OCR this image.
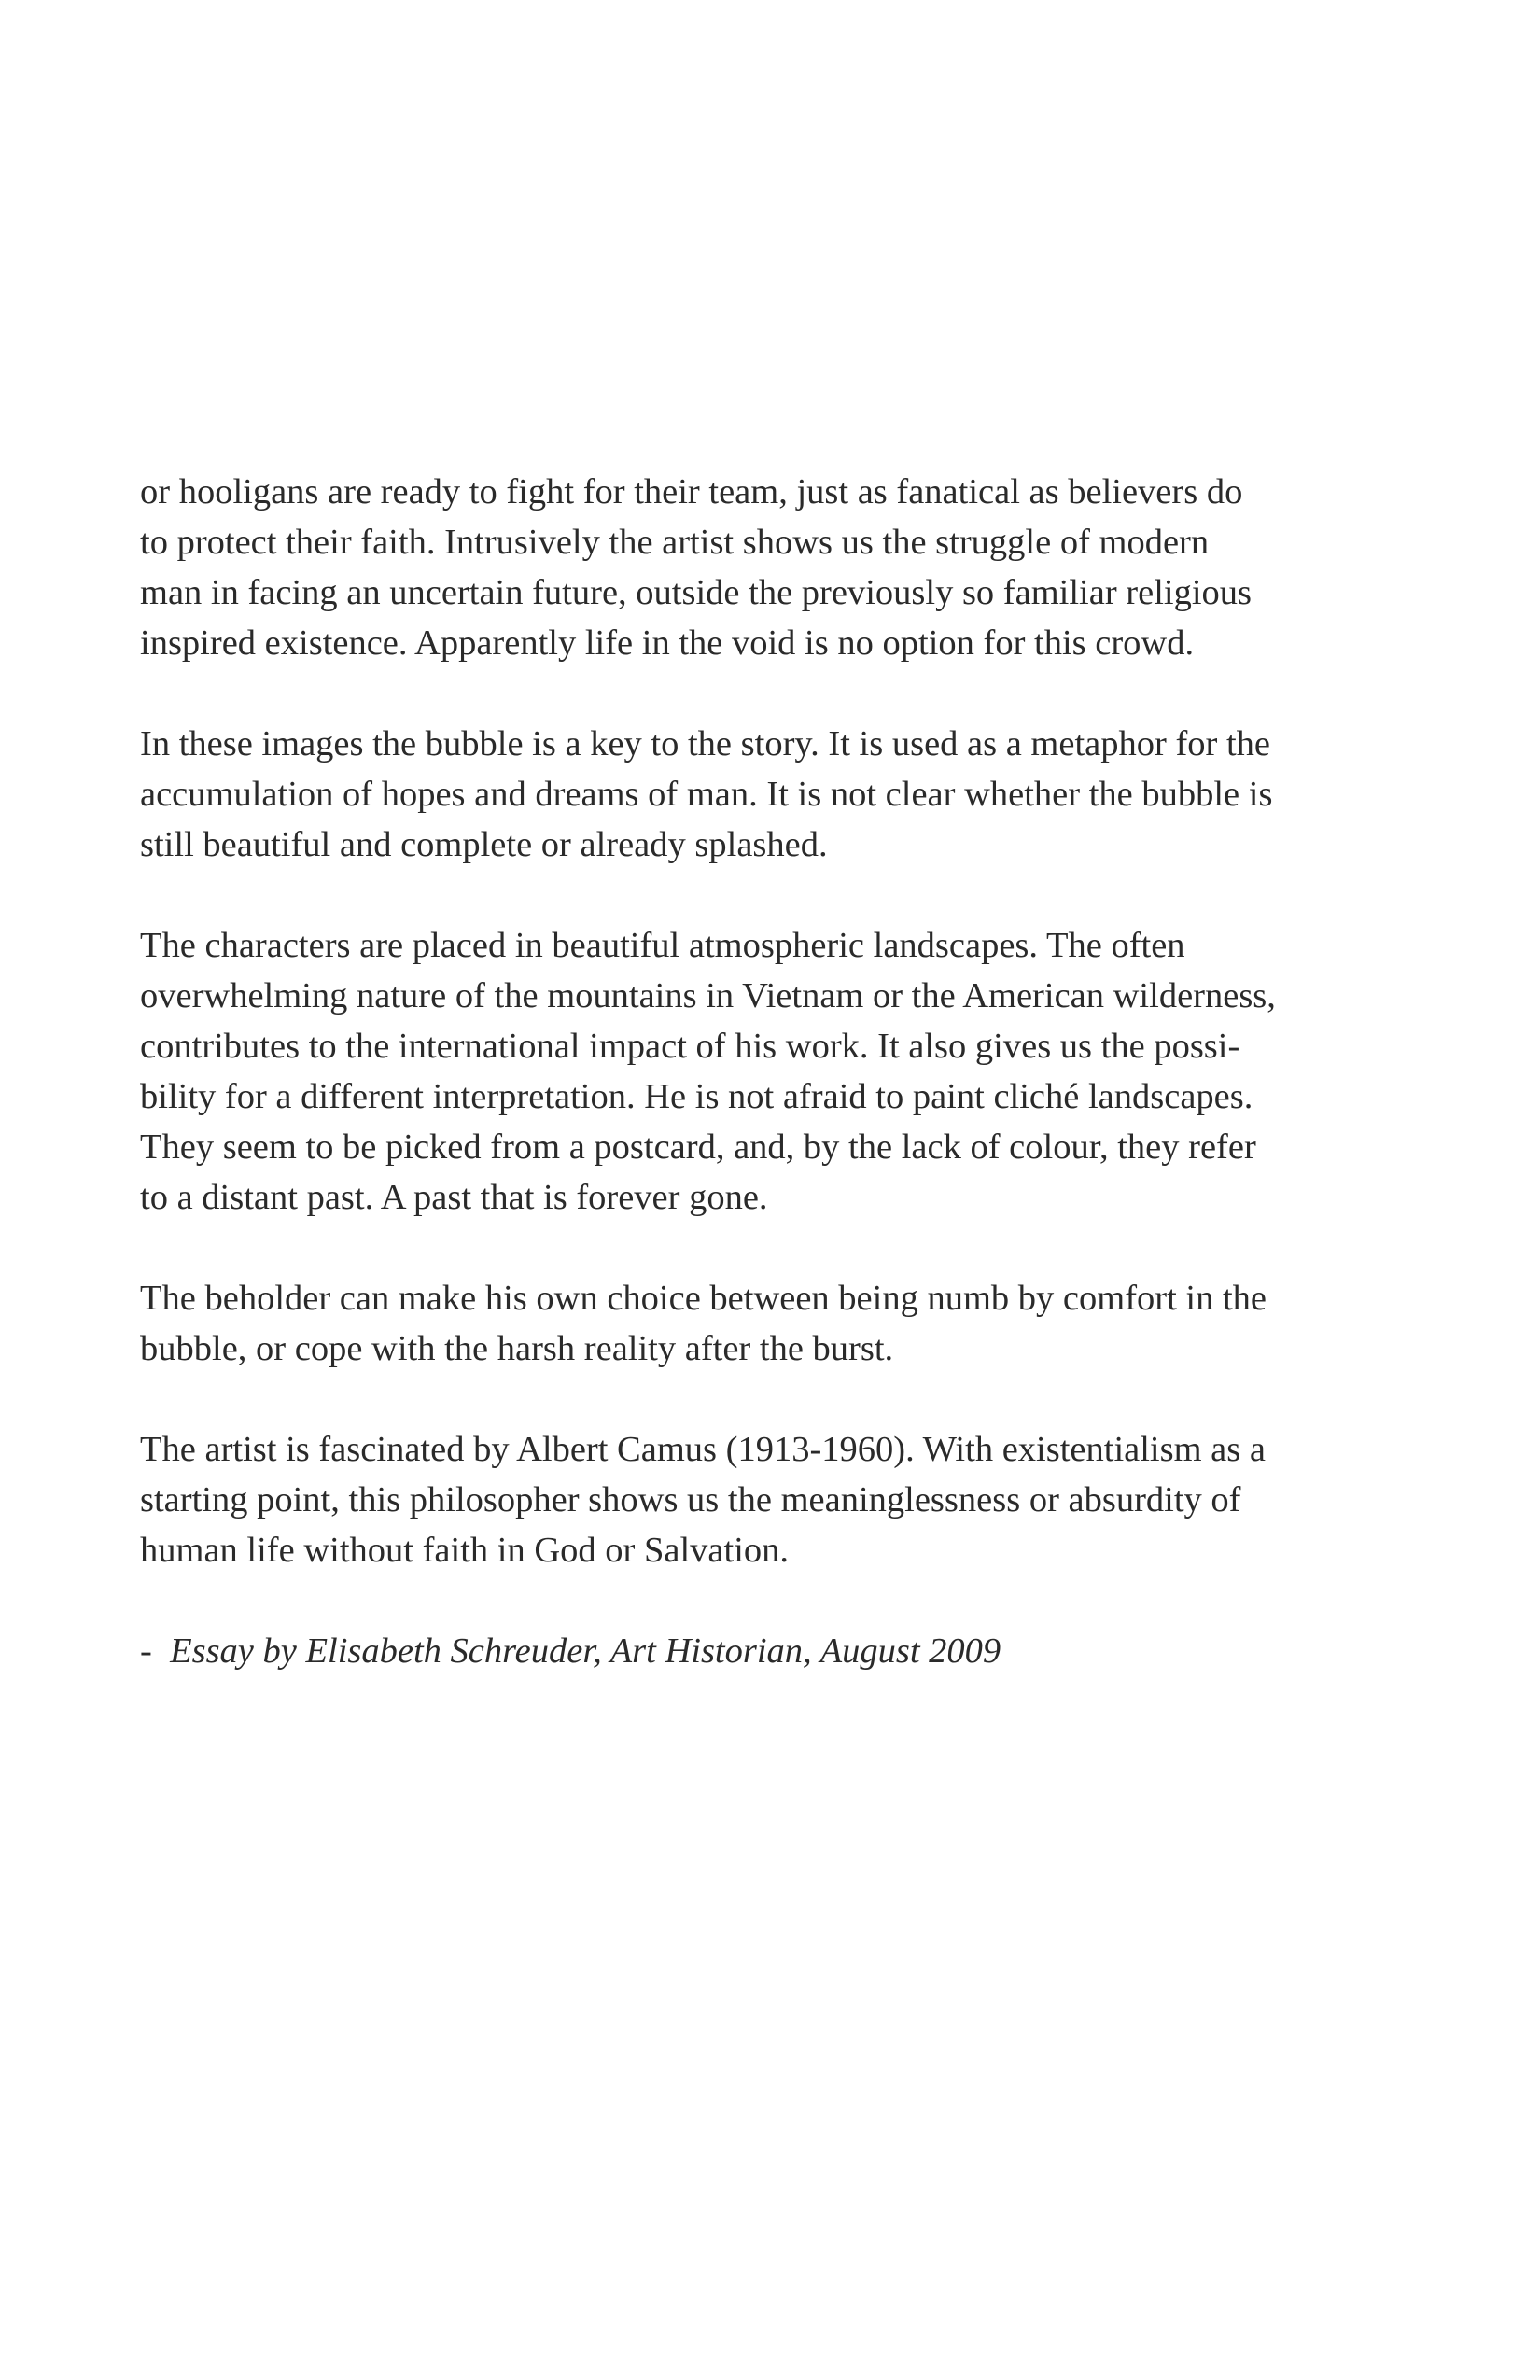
or hooligans are ready to fight for their team, just as fanatical as believers do
to protect their faith. Intrusively the artist shows us the struggle of modern
man in facing an uncertain future, outside the previously so familiar religious
inspired existence. Apparently life in the void is no option for this crowd.
In these images the bubble is a key to the story. It is used as a metaphor for the
accumulation of hopes and dreams of man. It is not clear whether the bubble is
still beautiful and complete or already splashed.
The characters are placed in beautiful atmospheric landscapes. The often
overwhelming nature of the mountains in Vietnam or the American wilderness,
contributes to the international impact of his work. It also gives us the possi-
bility for a different interpretation. He is not afraid to paint cliché landscapes.
They seem to be picked from a postcard, and, by the lack of colour, they refer
to a distant past. A past that is forever gone.
The beholder can make his own choice between being numb by comfort in the
bubble, or cope with the harsh reality after the burst.
The artist is fascinated by Albert Camus (1913-1960). With existentialism as a
starting point, this philosopher shows us the meaninglessness or absurdity of
human life without faith in God or Salvation.
- Essay by Elisabeth Schreuder, Art Historian, August 2009
